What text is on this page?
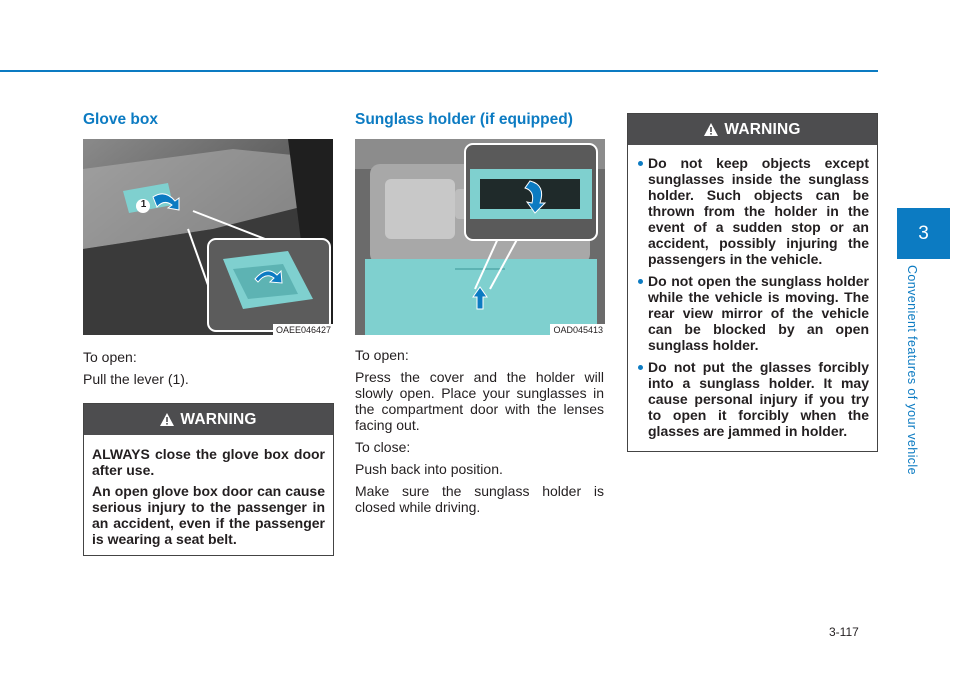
Glove box
1
OAEE046427

To open:

Pull the lever (1).

WARNING

ALWAYS close the glove box door after use.

An open glove box door can cause serious injury to the passenger in an accident, even if the passenger is wearing a seat belt.

Sunglass holder (if equipped)
OAD045413

To open:

Press the cover and the holder will slowly open. Place your sunglasses in the compartment door with the lenses facing out.

To close:

Push back into position.

Make sure the sunglass holder is closed while driving.

WARNING
Do not keep objects except sunglasses inside the sunglass holder. Such objects can be thrown from the holder in the event of a sudden stop or an accident, possibly injuring the passengers in the vehicle.
Do not open the sunglass holder while the vehicle is moving. The rear view mirror of the vehicle can be blocked by an open sunglass holder.
Do not put the glasses forcibly into a sunglass holder. It may cause personal injury if you try to open it forcibly when the glasses are jammed in holder.
3
Convenient features of your vehicle
3-117
